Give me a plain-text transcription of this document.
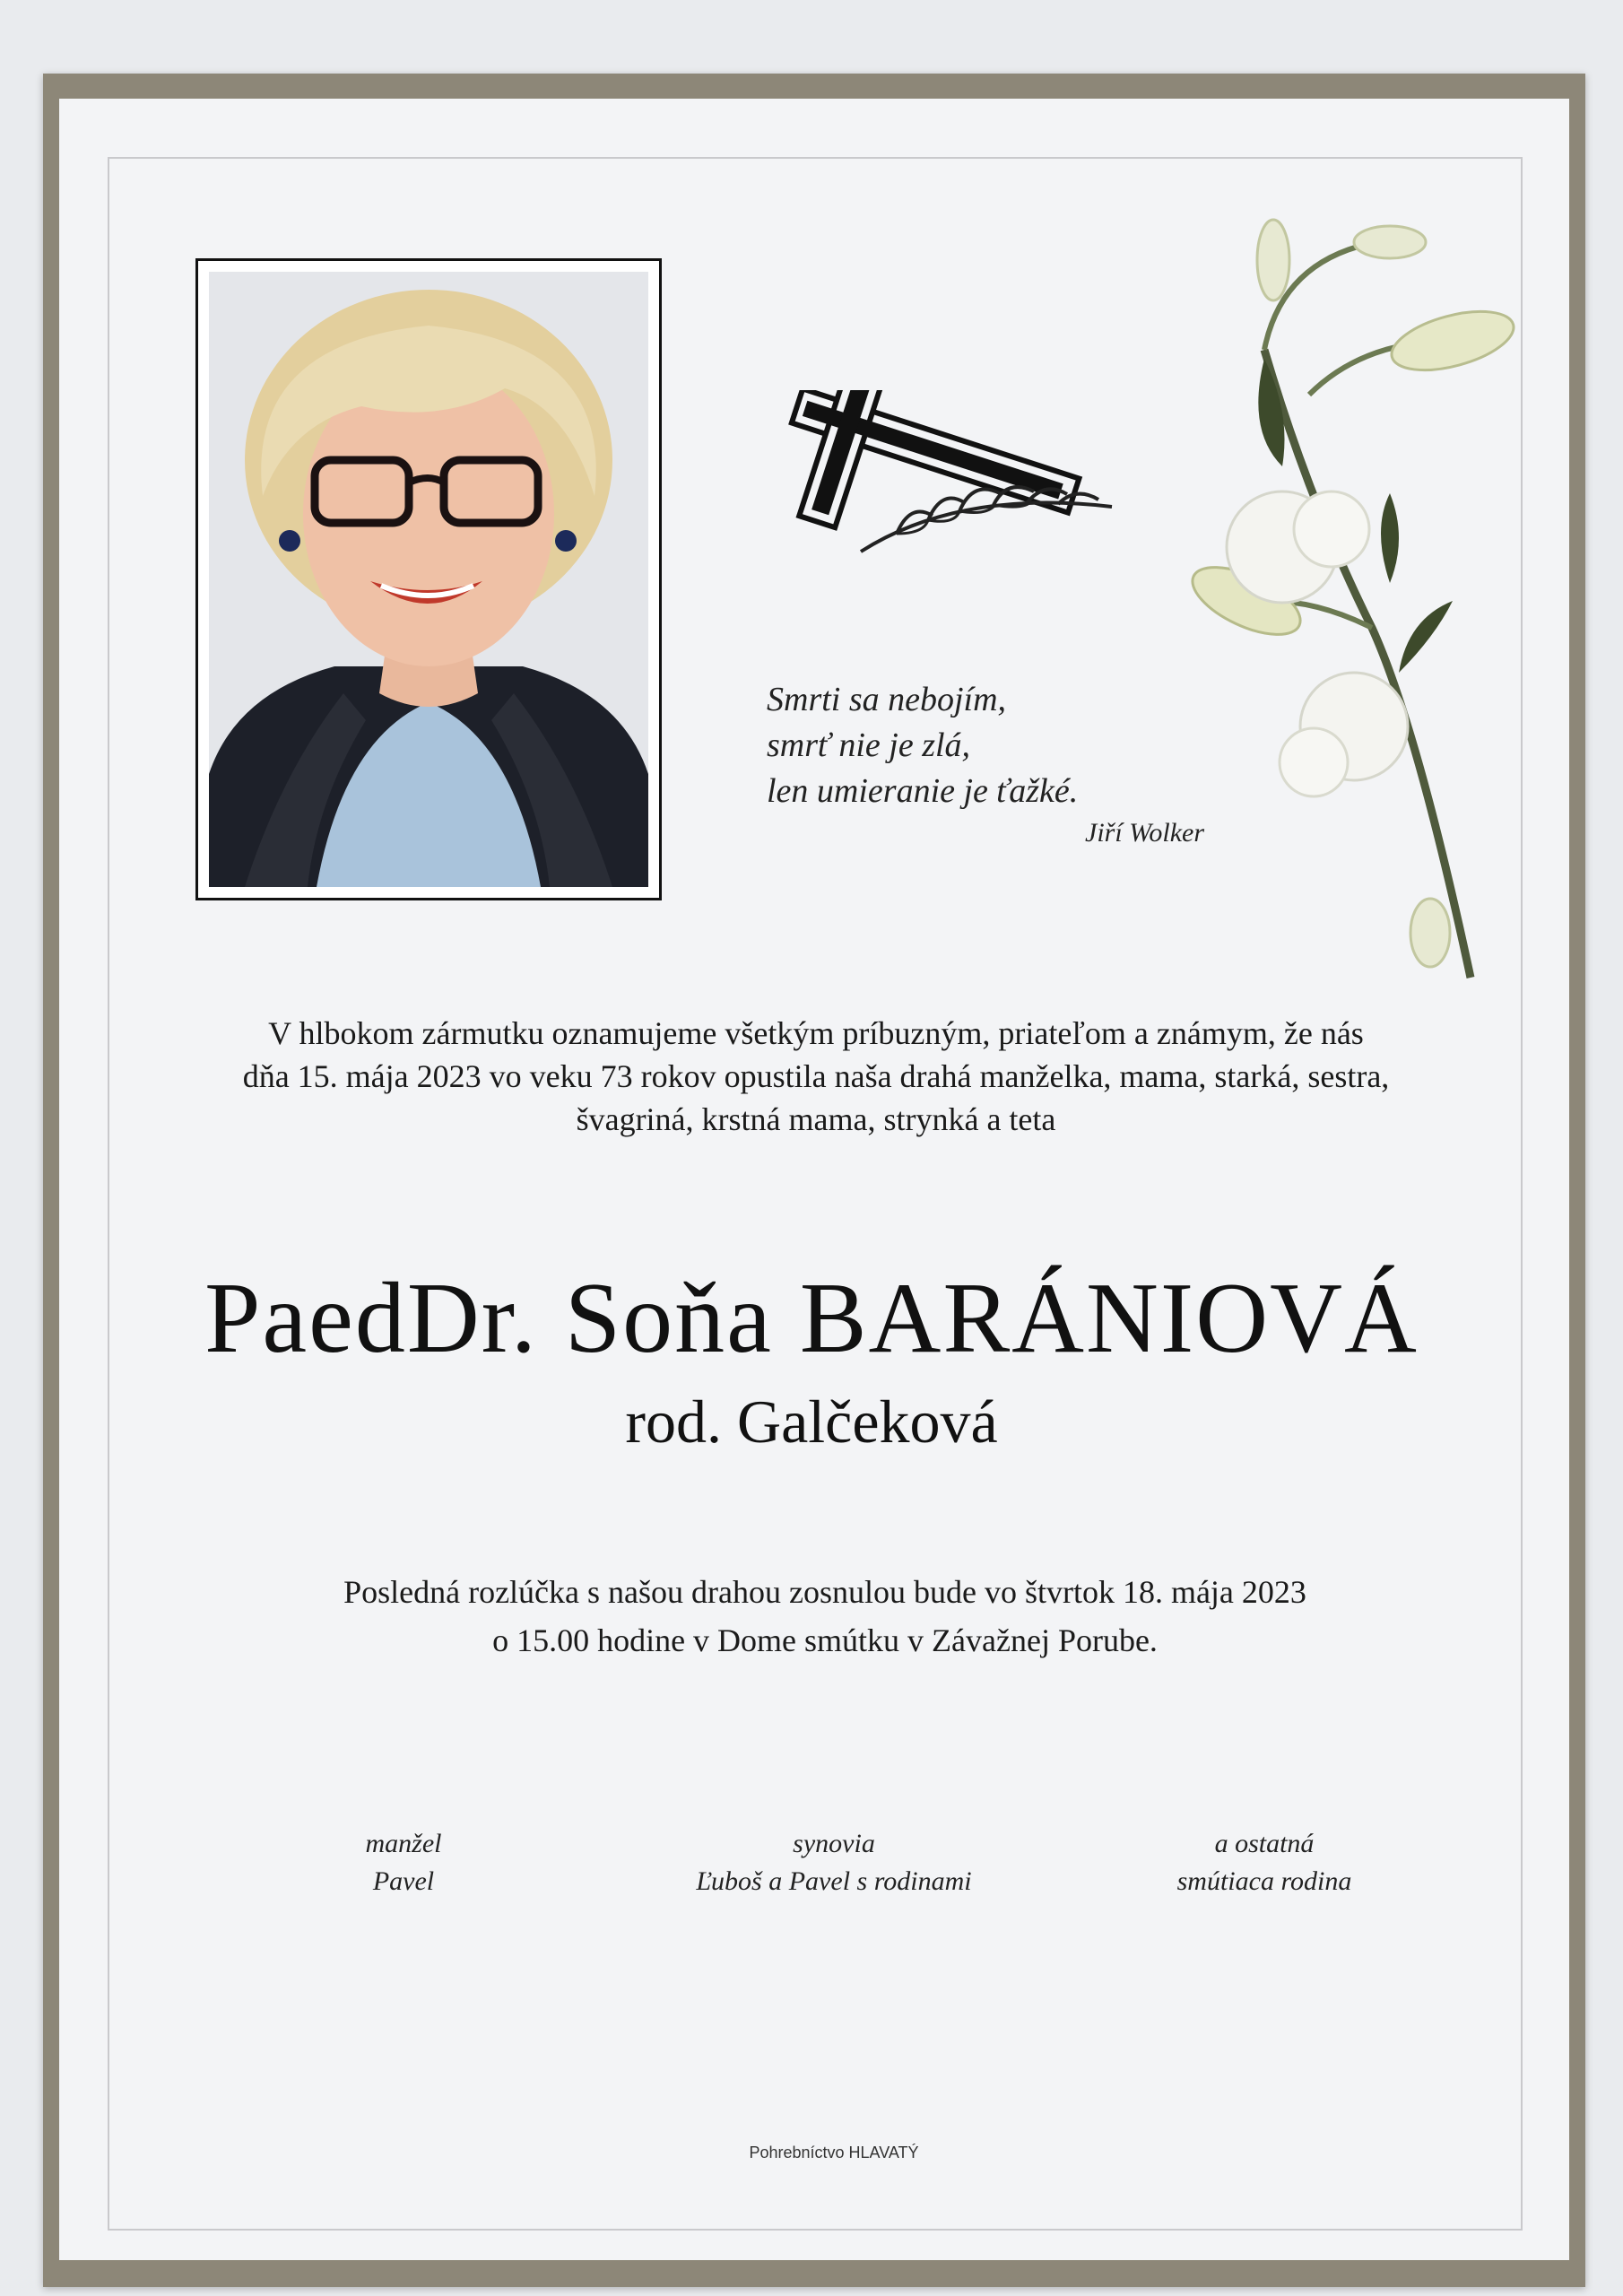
Smrti sa nebojím,
smrť nie je zlá,
len umieranie je ťažké.
Jiří Wolker
V hlbokom zármutku oznamujeme všetkým príbuzným, priateľom a známym, že nás
dňa 15. mája 2023 vo veku 73 rokov opustila naša drahá manželka, mama, starká, sestra,
švagriná, krstná mama, strynká a teta
PaedDr. Soňa BARÁNIOVÁ
rod. Galčeková
Posledná rozlúčka s našou drahou zosnulou bude vo štvrtok 18. mája 2023
o 15.00 hodine v Dome smútku v Závažnej Porube.
manžel
Pavel
synovia
Ľuboš a Pavel s rodinami
a ostatná
smútiaca rodina
Pohrebníctvo HLAVATÝ
